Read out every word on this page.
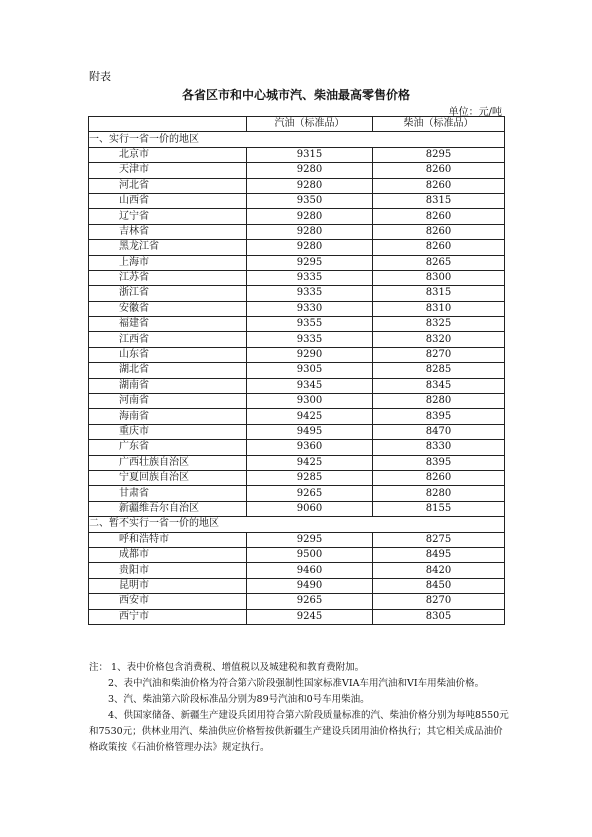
附表
各省区市和中心城市汽、柴油最高零售价格
单位：元/吨
	汽油（标准品）	柴油（标准品）
一、实行一省一价的地区		
北京市	9315	8295
天津市	9280	8260
河北省	9280	8260
山西省	9350	8315
辽宁省	9280	8260
吉林省	9280	8260
黑龙江省	9280	8260
上海市	9295	8265
江苏省	9335	8300
浙江省	9335	8315
安徽省	9330	8310
福建省	9355	8325
江西省	9335	8320
山东省	9290	8270
湖北省	9305	8285
湖南省	9345	8345
河南省	9300	8280
海南省	9425	8395
重庆市	9495	8470
广东省	9360	8330
广西壮族自治区	9425	8395
宁夏回族自治区	9285	8260
甘肃省	9265	8280
新疆维吾尔自治区	9060	8155
二、暂不实行一省一价的地区		
呼和浩特市	9295	8275
成都市	9500	8495
贵阳市	9460	8420
昆明市	9490	8450
西安市	9265	8270
西宁市	9245	8305

注： 1、表中价格包含消费税、增值税以及城建税和教育费附加。

2、表中汽油和柴油价格为符合第六阶段强制性国家标准VIA车用汽油和VI车用柴油价格。

3、汽、柴油第六阶段标准品分别为89号汽油和0号车用柴油。

4、供国家储备、新疆生产建设兵团用符合第六阶段质量标准的汽、柴油价格分别为每吨8550元和7530元；供林业用汽、柴油供应价格暂按供新疆生产建设兵团用油价格执行；其它相关成品油价格政策按《石油价格管理办法》规定执行。
